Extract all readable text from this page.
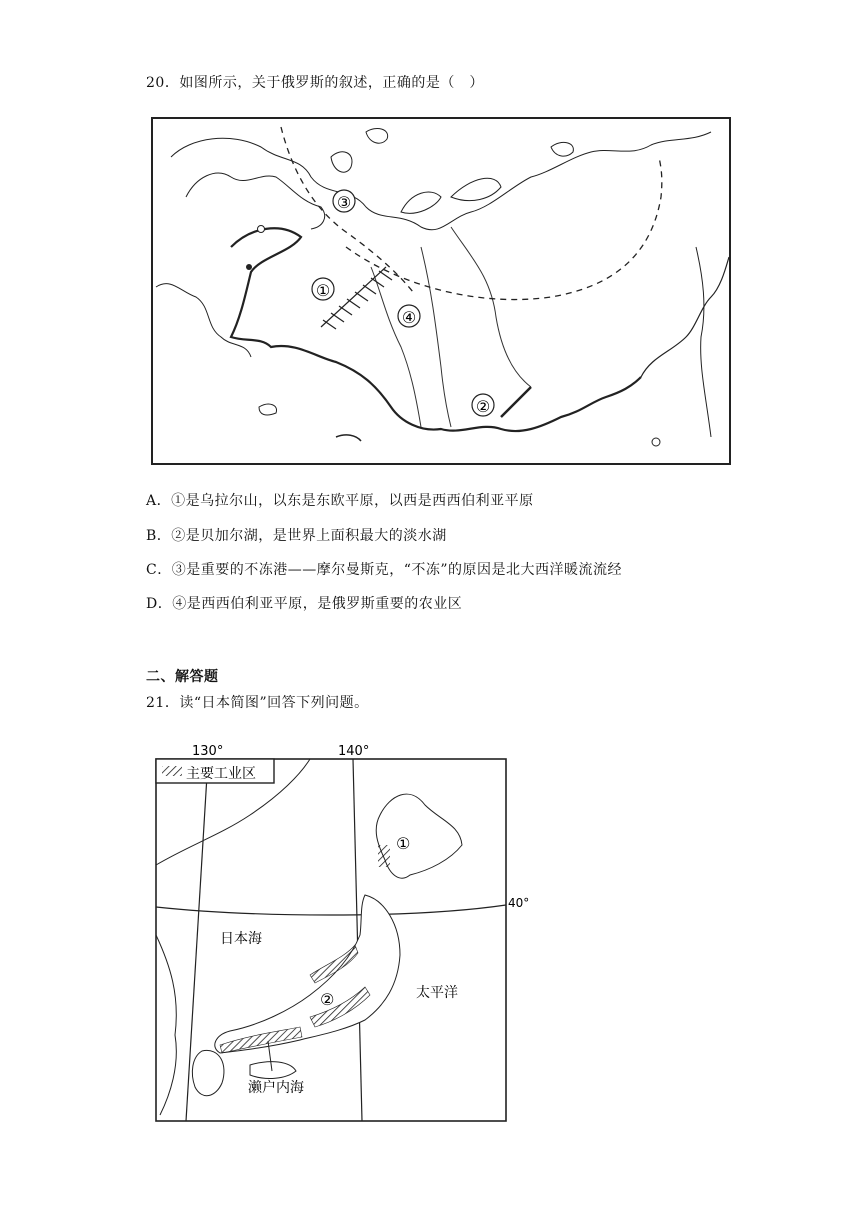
20．如图所示，关于俄罗斯的叙述，正确的是（　）
①
②
③
④
A．①是乌拉尔山，以东是东欧平原，以西是西西伯利亚平原
B．②是贝加尔湖，是世界上面积最大的淡水湖
C．③是重要的不冻港——摩尔曼斯克，“不冻”的原因是北大西洋暖流流经
D．④是西西伯利亚平原，是俄罗斯重要的农业区
二、解答题
21．读“日本简图”回答下列问题。
130°	140°
40°
主要工业区
日本海
太平洋
濑户内海
①
②
